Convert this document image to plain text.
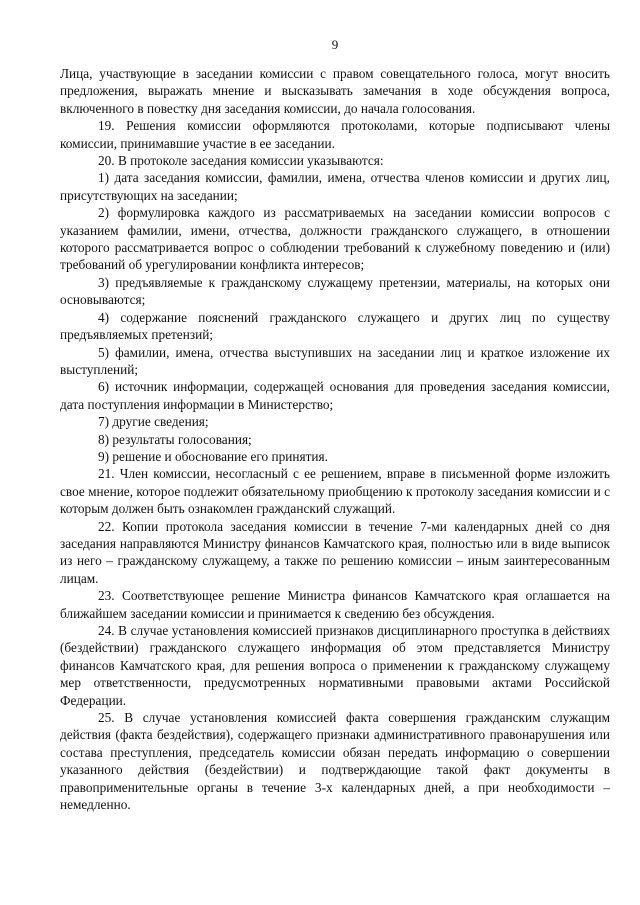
9

Лица, участвующие в заседании комиссии с правом совещательного голоса, могут вносить предложения, выражать мнение и высказывать замечания в ходе обсуждения вопроса, включенного в повестку дня заседания комиссии, до начала голосования.

19. Решения комиссии оформляются протоколами, которые подписывают члены комиссии, принимавшие участие в ее заседании.

20. В протоколе заседания комиссии указываются:

1) дата заседания комиссии, фамилии, имена, отчества членов комиссии и других лиц, присутствующих на заседании;

2) формулировка каждого из рассматриваемых на заседании комиссии вопросов с указанием фамилии, имени, отчества, должности гражданского служащего, в отношении которого рассматривается вопрос о соблюдении требований к служебному поведению и (или) требований об урегулировании конфликта интересов;

3) предъявляемые к гражданскому служащему претензии, материалы, на которых они основываются;

4) содержание пояснений гражданского служащего и других лиц по существу предъявляемых претензий;

5) фамилии, имена, отчества выступивших на заседании лиц и краткое изложение их выступлений;

6) источник информации, содержащей основания для проведения заседания комиссии, дата поступления информации в Министерство;

7) другие сведения;

8) результаты голосования;

9) решение и обоснование его принятия.

21. Член комиссии, несогласный с ее решением, вправе в письменной форме изложить свое мнение, которое подлежит обязательному приобщению к протоколу заседания комиссии и с которым должен быть ознакомлен гражданский служащий.

22. Копии протокола заседания комиссии в течение 7-ми календарных дней со дня заседания направляются Министру финансов Камчатского края, полностью или в виде выписок из него – гражданскому служащему, а также по решению комиссии – иным заинтересованным лицам.

23. Соответствующее решение Министра финансов Камчатского края оглашается на ближайшем заседании комиссии и принимается к сведению без обсуждения.

24. В случае установления комиссией признаков дисциплинарного проступка в действиях (бездействии) гражданского служащего информация об этом представляется Министру финансов Камчатского края, для решения вопроса о применении к гражданскому служащему мер ответственности, предусмотренных нормативными правовыми актами Российской Федерации.

25. В случае установления комиссией факта совершения гражданским служащим действия (факта бездействия), содержащего признаки административного правонарушения или состава преступления, председатель комиссии обязан передать информацию о совершении указанного действия (бездействии) и подтверждающие такой факт документы в правоприменительные органы в течение 3-х календарных дней, а при необходимости – немедленно.
